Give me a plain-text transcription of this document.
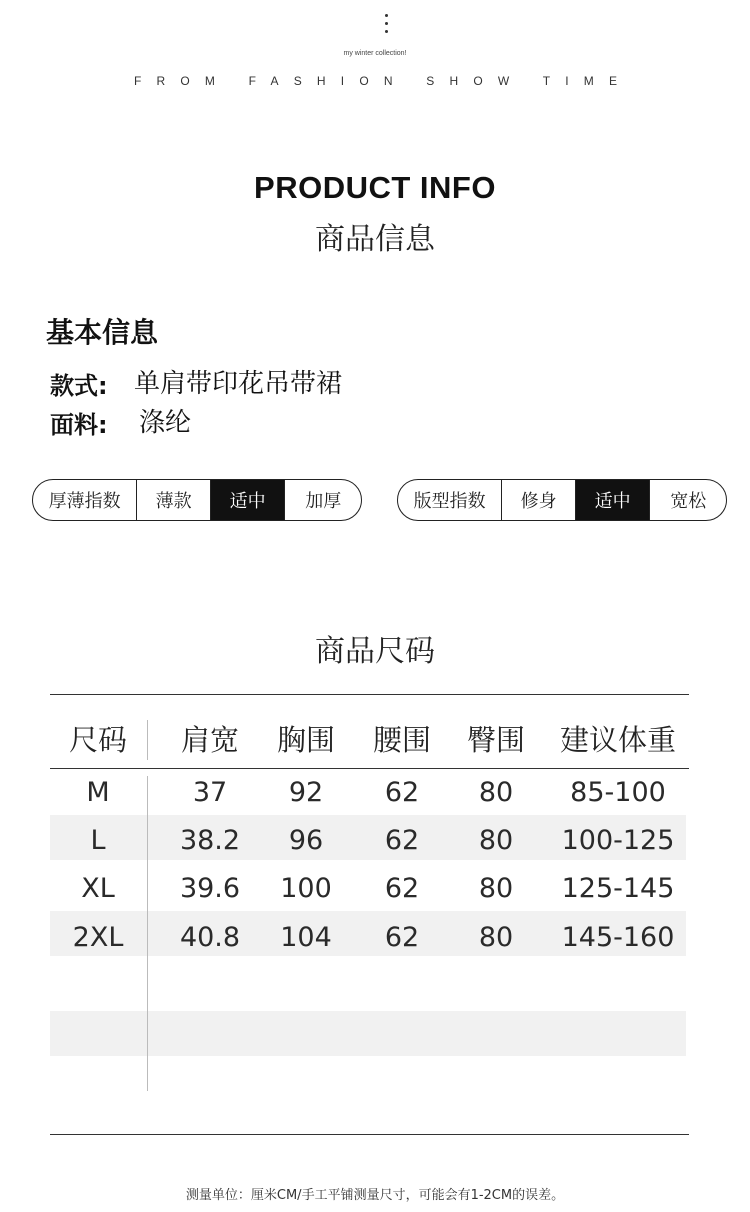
my winter collection!
FROM FASHION SHOW TIME
PRODUCT INFO
商品信息
基本信息
款式: 单肩带印花吊带裙
面料: 涤纶
厚薄指数	薄款	适中	加厚	版型指数	修身	适中	宽松
商品尺码
尺码	肩宽	胸围	腰围	臀围	建议体重
M	37	92	62	80	85-100
L	38.2	96	62	80	100-125
XL	39.6	100	62	80	125-145
2XL	40.8	104	62	80	145-160
测量单位：厘米CM/手工平铺测量尺寸，可能会有1-2CM的误差。
